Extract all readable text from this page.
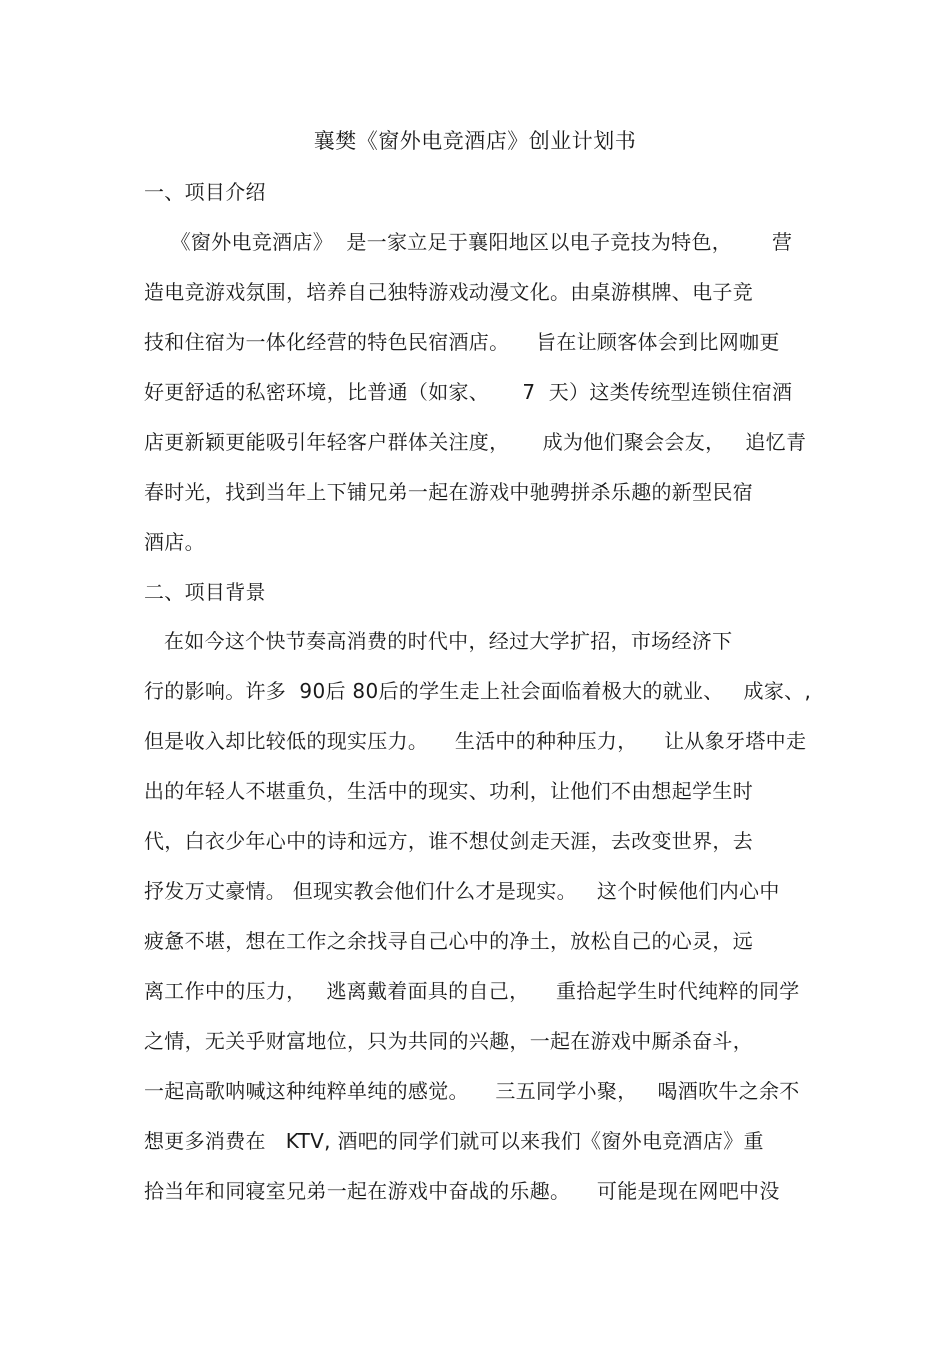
襄樊《窗外电竞酒店》创业计划书
一、项目介绍
《窗外电竞酒店》  是一家立足于襄阳地区以电子竞技为特色，      营
造电竞游戏氛围，培养自己独特游戏动漫文化。由桌游棋牌、电子竞
技和住宿为一体化经营的特色民宿酒店。    旨在让顾客体会到比网咖更
好更舒适的私密环境，比普通（如家、     7  天）这类传统型连锁住宿酒
店更新颖更能吸引年轻客户群体关注度，     成为他们聚会会友，   追忆青
春时光，找到当年上下铺兄弟一起在游戏中驰骋拼杀乐趣的新型民宿
酒店。
二、项目背景
在如今这个快节奏高消费的时代中，经过大学扩招，市场经济下
行的影响。许多  90后 80后的学生走上社会面临着极大的就业、   成家、,
但是收入却比较低的现实压力。    生活中的种种压力，    让从象牙塔中走
出的年轻人不堪重负，生活中的现实、功利，让他们不由想起学生时
代，白衣少年心中的诗和远方，谁不想仗剑走天涯，去改变世界，去
抒发万丈豪情。 但现实教会他们什么才是现实。   这个时候他们内心中
疲惫不堪，想在工作之余找寻自己心中的净土，放松自己的心灵，远
离工作中的压力，   逃离戴着面具的自己，    重拾起学生时代纯粹的同学
之情，无关乎财富地位，只为共同的兴趣，一起在游戏中厮杀奋斗，
一起高歌呐喊这种纯粹单纯的感觉。    三五同学小聚，   喝酒吹牛之余不
想更多消费在   KTV, 酒吧的同学们就可以来我们《窗外电竞酒店》重
拾当年和同寝室兄弟一起在游戏中奋战的乐趣。    可能是现在网吧中没
